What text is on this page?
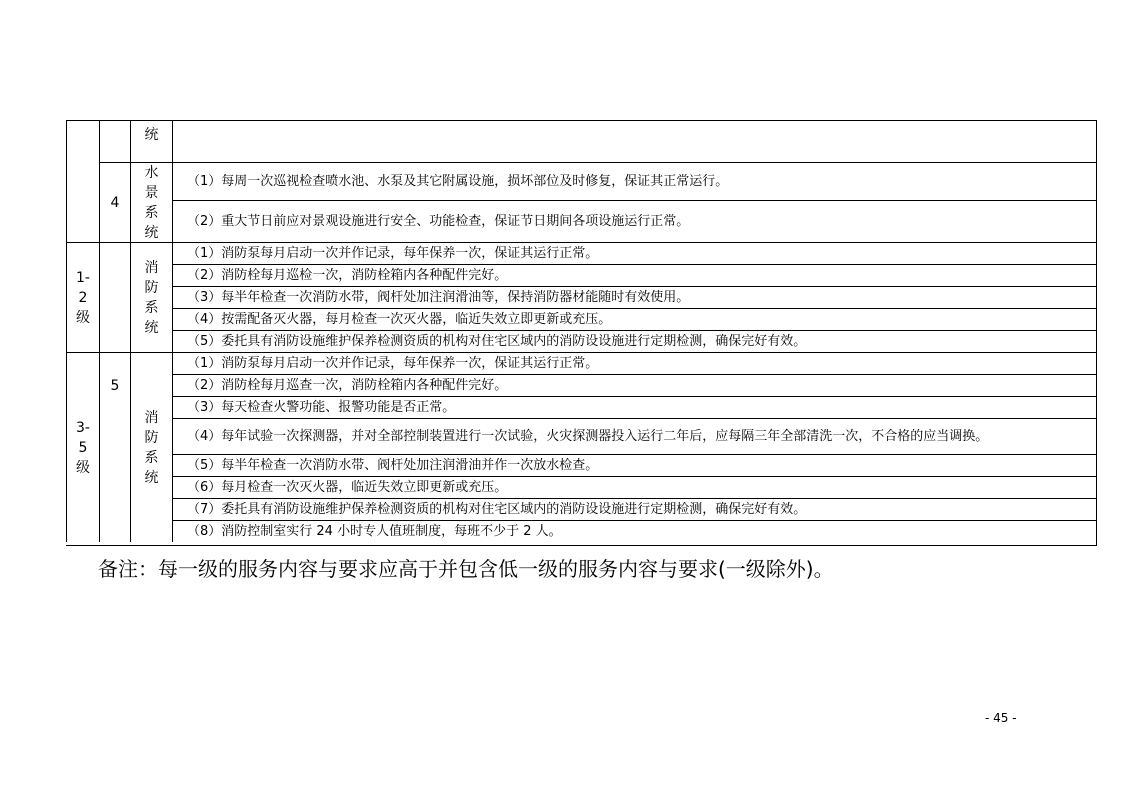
统
4
水
景
系
统
（1）每周一次巡视检查喷水池、水泵及其它附属设施，损坏部位及时修复，保证其正常运行。
（2）重大节日前应对景观设施进行安全、功能检查，保证节日期间各项设施运行正常。
1-
2
级
消
防
系
统
（1）消防泵每月启动一次并作记录，每年保养一次，保证其运行正常。
（2）消防栓每月巡检一次，消防栓箱内各种配件完好。
（3）每半年检查一次消防水带，阀杆处加注润滑油等，保持消防器材能随时有效使用。
（4）按需配备灭火器，每月检查一次灭火器，临近失效立即更新或充压。
（5）委托具有消防设施维护保养检测资质的机构对住宅区域内的消防设设施进行定期检测，确保完好有效。
3-
5
级
5
消
防
系
统
（1）消防泵每月启动一次并作记录，每年保养一次，保证其运行正常。
（2）消防栓每月巡查一次，消防栓箱内各种配件完好。
（3）每天检查火警功能、报警功能是否正常。
（4）每年试验一次探测器，并对全部控制装置进行一次试验，火灾探测器投入运行二年后，应每隔三年全部清洗一次，不合格的应当调换。
（5）每半年检查一次消防水带、阀杆处加注润滑油并作一次放水检查。
（6）每月检查一次灭火器，临近失效立即更新或充压。
（7）委托具有消防设施维护保养检测资质的机构对住宅区域内的消防设设施进行定期检测，确保完好有效。
（8）消防控制室实行 24 小时专人值班制度，每班不少于 2 人。
备注：每一级的服务内容与要求应高于并包含低一级的服务内容与要求(一级除外)。
- 45 -
